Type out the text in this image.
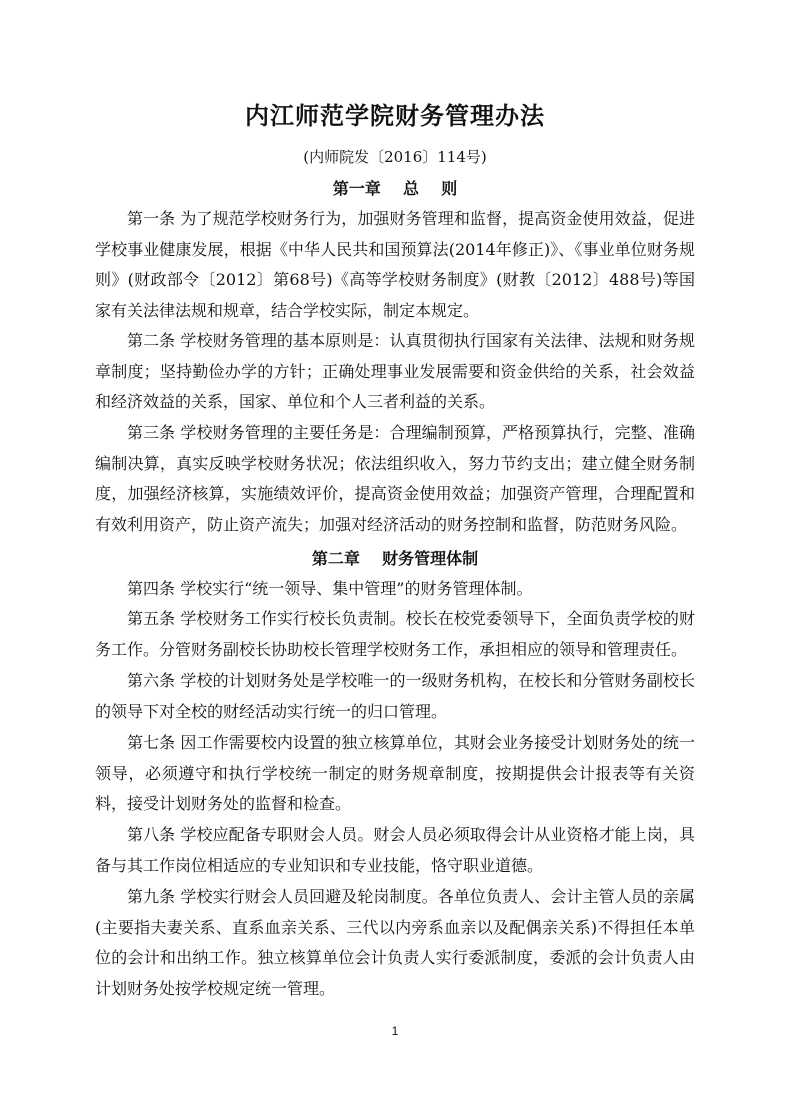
内江师范学院财务管理办法
(内师院发〔2016〕114号)
第一章    总    则

第一条 为了规范学校财务行为，加强财务管理和监督，提高资金使用效益，促进学校事业健康发展，根据《中华人民共和国预算法(2014年修正)》、《事业单位财务规则》(财政部令〔2012〕第68号)《高等学校财务制度》(财教〔2012〕488号)等国家有关法律法规和规章，结合学校实际，制定本规定。

第二条 学校财务管理的基本原则是：认真贯彻执行国家有关法律、法规和财务规章制度；坚持勤俭办学的方针；正确处理事业发展需要和资金供给的关系，社会效益和经济效益的关系，国家、单位和个人三者利益的关系。

第三条 学校财务管理的主要任务是：合理编制预算，严格预算执行，完整、准确编制决算，真实反映学校财务状况；依法组织收入，努力节约支出；建立健全财务制度，加强经济核算，实施绩效评价，提高资金使用效益；加强资产管理，合理配置和有效利用资产，防止资产流失；加强对经济活动的财务控制和监督，防范财务风险。

第二章    财务管理体制

第四条 学校实行“统一领导、集中管理”的财务管理体制。

第五条 学校财务工作实行校长负责制。校长在校党委领导下，全面负责学校的财务工作。分管财务副校长协助校长管理学校财务工作，承担相应的领导和管理责任。

第六条 学校的计划财务处是学校唯一的一级财务机构，在校长和分管财务副校长的领导下对全校的财经活动实行统一的归口管理。

第七条 因工作需要校内设置的独立核算单位，其财会业务接受计划财务处的统一领导，必须遵守和执行学校统一制定的财务规章制度，按期提供会计报表等有关资料，接受计划财务处的监督和检查。

第八条 学校应配备专职财会人员。财会人员必须取得会计从业资格才能上岗，具备与其工作岗位相适应的专业知识和专业技能，恪守职业道德。

第九条 学校实行财会人员回避及轮岗制度。各单位负责人、会计主管人员的亲属(主要指夫妻关系、直系血亲关系、三代以内旁系血亲以及配偶亲关系)不得担任本单位的会计和出纳工作。独立核算单位会计负责人实行委派制度，委派的会计负责人由计划财务处按学校规定统一管理。

1
